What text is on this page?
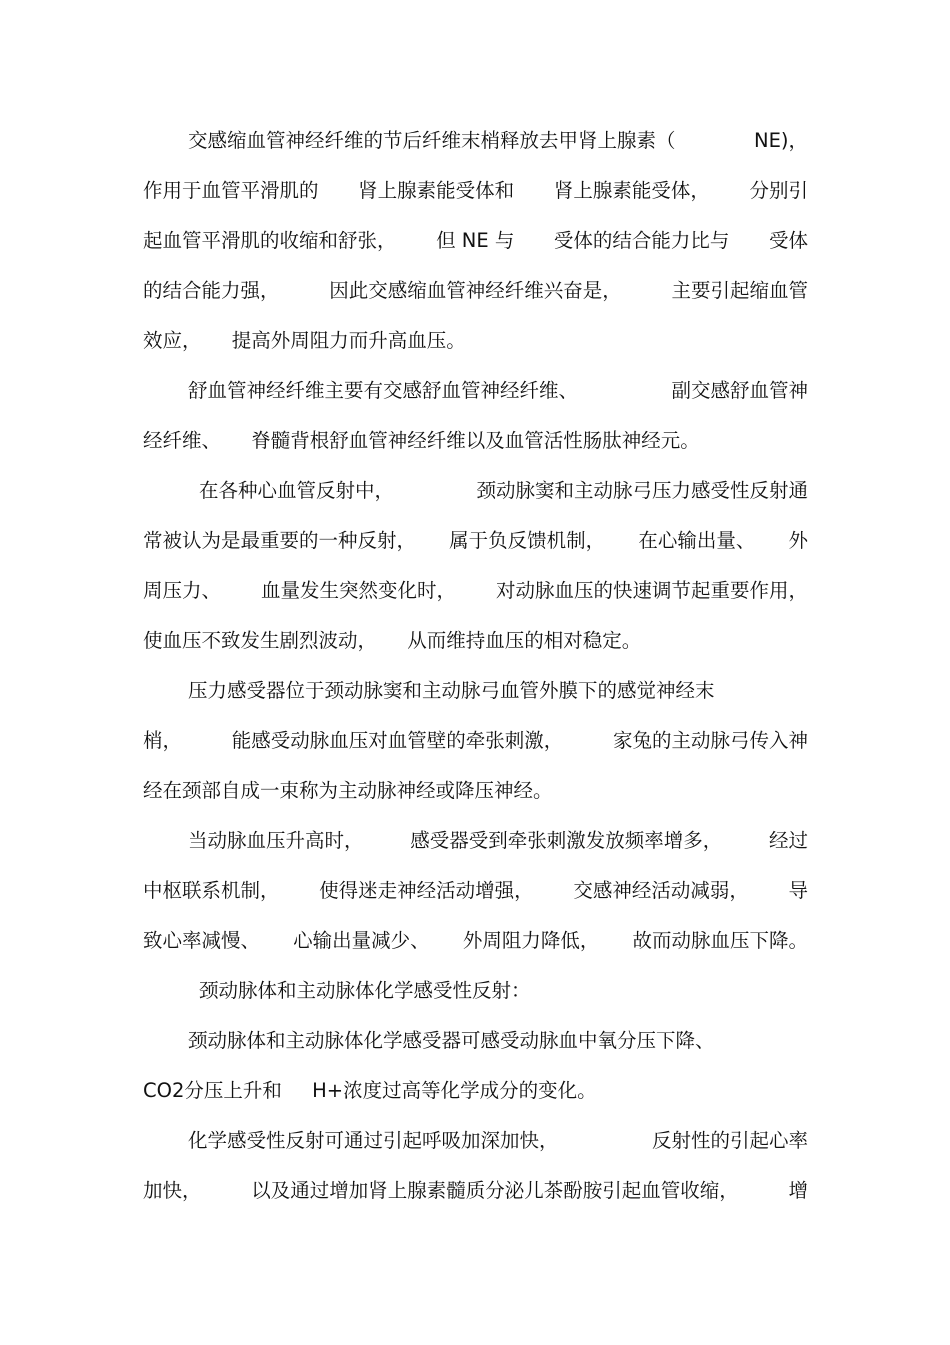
交感缩血管神经纤维的节后纤维末梢释放去甲肾上腺素（	NE)，
作用于血管平滑肌的 肾上腺素能受体和 肾上腺素能受体， 分别引
起血管平滑肌的收缩和舒张， 但 NE 与 受体的结合能力比与 受体
的结合能力强，	因此交感缩血管神经纤维兴奋是，	主要引起缩血管
效应， 提高外周阻力而升高血压。
舒血管神经纤维主要有交感舒血管神经纤维、	副交感舒血管神
经纤维、 脊髓背根舒血管神经纤维以及血管活性肠肽神经元。
在各种心血管反射中，	颈动脉窦和主动脉弓压力感受性反射通
常被认为是最重要的一种反射， 属于负反馈机制， 在心输出量、 外
周压力、 血量发生突然变化时， 对动脉血压的快速调节起重要作用，
使血压不致发生剧烈波动， 从而维持血压的相对稳定。
压力感受器位于颈动脉窦和主动脉弓血管外膜下的感觉神经末
梢，	能感受动脉血压对血管壁的牵张刺激，	家兔的主动脉弓传入神
经在颈部自成一束称为主动脉神经或降压神经。
当动脉血压升高时， 感受器受到牵张刺激发放频率增多， 经过
中枢联系机制， 使得迷走神经活动增强， 交感神经活动减弱， 导
致心率减慢、 心输出量减少、 外周阻力降低， 故而动脉血压下降。
颈动脉体和主动脉体化学感受性反射：
颈动脉体和主动脉体化学感受器可感受动脉血中氧分压下降、
CO2分压上升和 H+浓度过高等化学成分的变化。
化学感受性反射可通过引起呼吸加深加快，	反射性的引起心率
加快，	以及通过增加肾上腺素髓质分泌儿茶酚胺引起血管收缩，	增
